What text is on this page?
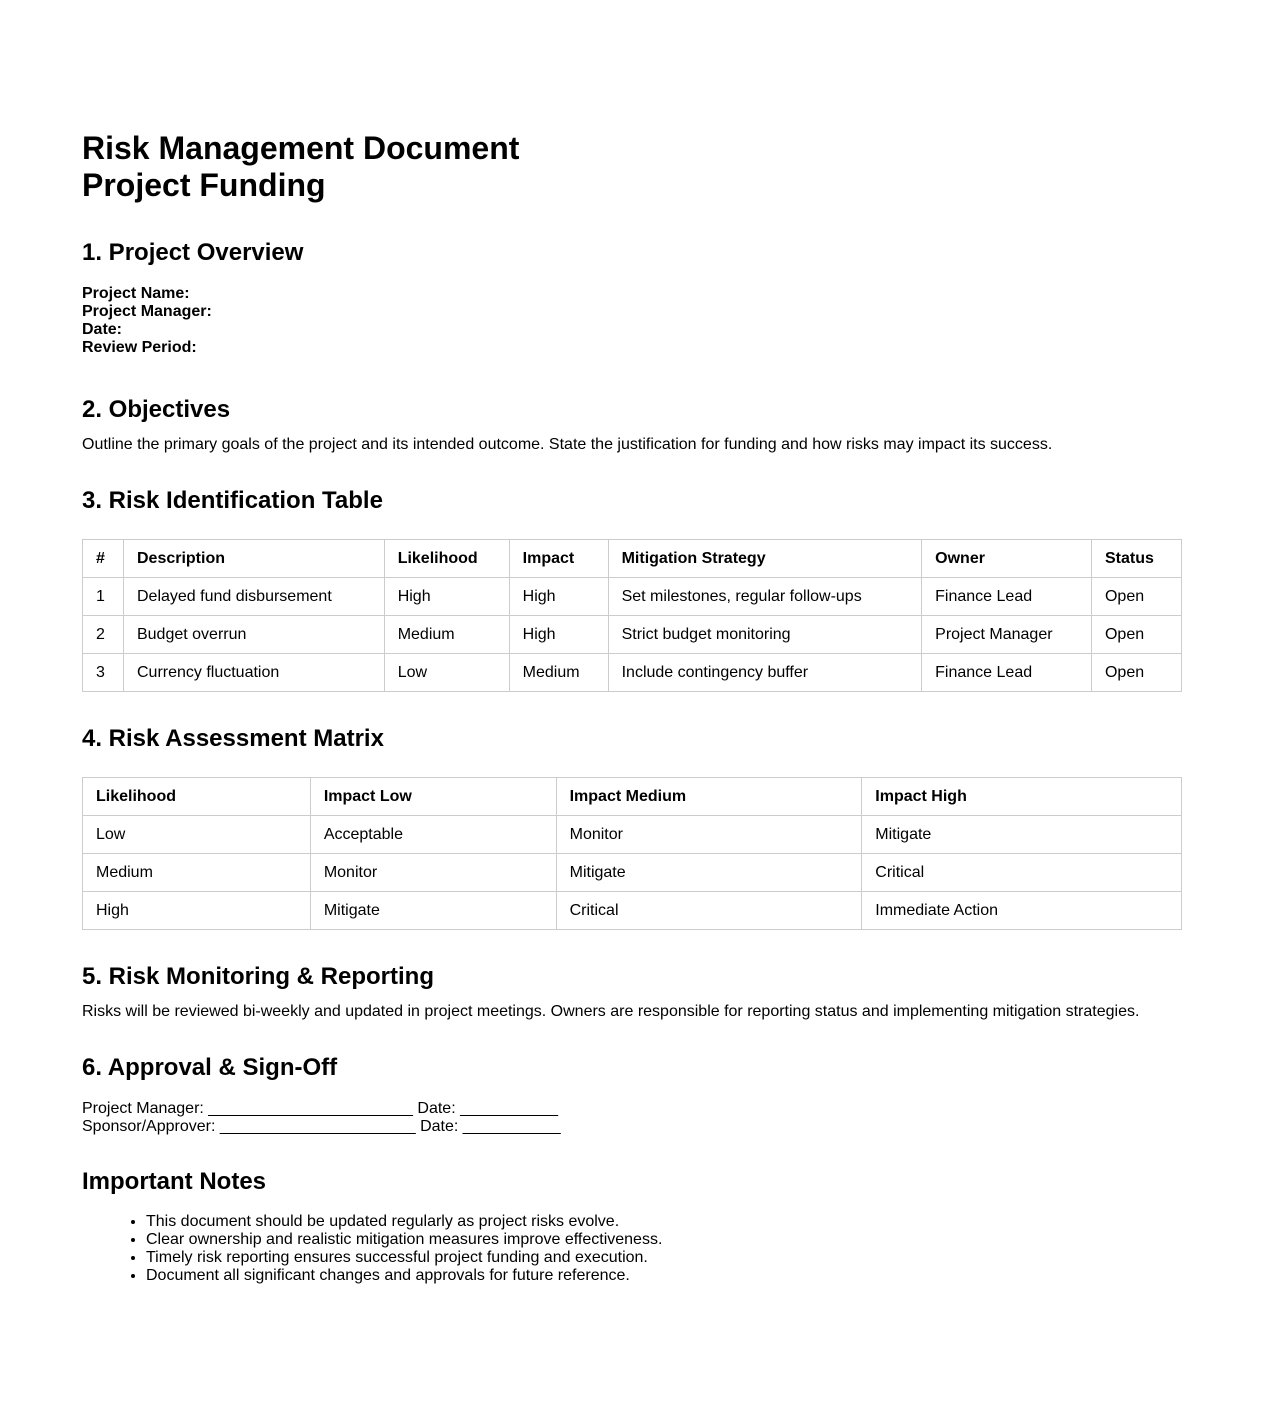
Risk Management Document
Project Funding
1. Project Overview
Project Name:
Project Manager:
Date:
Review Period:
2. Objectives

Outline the primary goals of the project and its intended outcome. State the justification for funding and how risks may impact its success.

3. Risk Identification Table
#	Description	Likelihood	Impact	Mitigation Strategy	Owner	Status
1	Delayed fund disbursement	High	High	Set milestones, regular follow-ups	Finance Lead	Open
2	Budget overrun	Medium	High	Strict budget monitoring	Project Manager	Open
3	Currency fluctuation	Low	Medium	Include contingency buffer	Finance Lead	Open
4. Risk Assessment Matrix
Likelihood	Impact Low	Impact Medium	Impact High
Low	Acceptable	Monitor	Mitigate
Medium	Monitor	Mitigate	Critical
High	Mitigate	Critical	Immediate Action
5. Risk Monitoring & Reporting

Risks will be reviewed bi-weekly and updated in project meetings. Owners are responsible for reporting status and implementing mitigation strategies.

6. Approval & Sign-Off
Project Manager: _______________________ Date: ___________
Sponsor/Approver: ______________________ Date: ___________
Important Notes
• This document should be updated regularly as project risks evolve.
• Clear ownership and realistic mitigation measures improve effectiveness.
• Timely risk reporting ensures successful project funding and execution.
• Document all significant changes and approvals for future reference.
